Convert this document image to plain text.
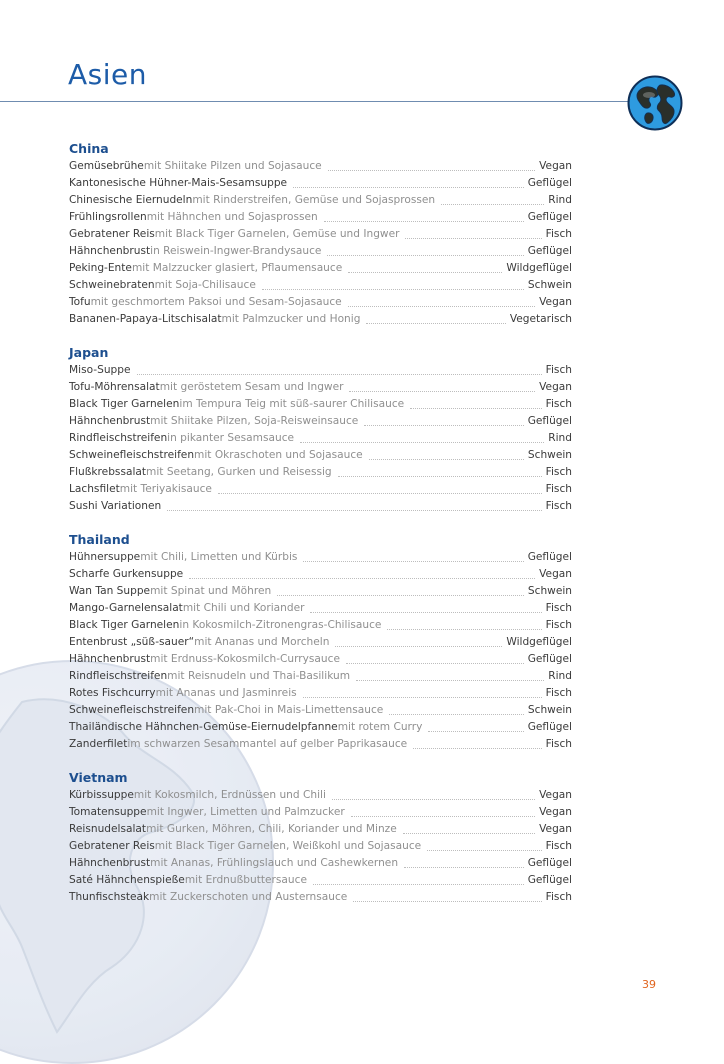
Asien
China
Gemüsebrühe mit Shiitake Pilzen und Sojasauce	Vegan
Kantonesische Hühner-Mais-Sesamsuppe	Geflügel
Chinesische Eiernudeln mit Rinderstreifen, Gemüse und Sojasprossen	Rind
Frühlingsrollen mit Hähnchen und Sojasprossen	Geflügel
Gebratener Reis mit Black Tiger Garnelen, Gemüse und Ingwer	Fisch
Hähnchenbrust in Reiswein-Ingwer-Brandysauce	Geflügel
Peking-Ente mit Malzzucker glasiert, Pflaumensauce	Wildgeflügel
Schweinebraten mit Soja-Chilisauce	Schwein
Tofu mit geschmortem Paksoi und Sesam-Sojasauce	Vegan
Bananen-Papaya-Litschisalat mit Palmzucker und Honig	Vegetarisch
Japan
Miso-Suppe	Fisch
Tofu-Möhrensalat mit geröstetem Sesam und Ingwer	Vegan
Black Tiger Garnelen im Tempura Teig mit süß-saurer Chilisauce	Fisch
Hähnchenbrust mit Shiitake Pilzen, Soja-Reisweinsauce	Geflügel
Rindfleischstreifen in pikanter Sesamsauce	Rind
Schweinefleischstreifen mit Okraschoten und Sojasauce	Schwein
Flußkrebssalat mit Seetang, Gurken und Reisessig	Fisch
Lachsfilet mit Teriyakisauce	Fisch
Sushi Variationen	Fisch
Thailand
Hühnersuppe mit Chili, Limetten und Kürbis	Geflügel
Scharfe Gurkensuppe	Vegan
Wan Tan Suppe mit Spinat und Möhren	Schwein
Mango-Garnelensalat mit Chili und Koriander	Fisch
Black Tiger Garnelen in Kokosmilch-Zitronengras-Chilisauce	Fisch
Entenbrust „süß-sauer“ mit Ananas und Morcheln	Wildgeflügel
Hähnchenbrust mit Erdnuss-Kokosmilch-Currysauce	Geflügel
Rindfleischstreifen mit Reisnudeln und Thai-Basilikum	Rind
Rotes Fischcurry mit Ananas und Jasminreis	Fisch
Schweinefleischstreifen mit Pak-Choi in Mais-Limettensauce	Schwein
Thailändische Hähnchen-Gemüse-Eiernudelpfanne mit rotem Curry	Geflügel
Zanderfilet im schwarzen Sesammantel auf gelber Paprikasauce	Fisch
Vietnam
Kürbissuppe mit Kokosmilch, Erdnüssen und Chili	Vegan
Tomatensuppe mit Ingwer, Limetten und Palmzucker	Vegan
Reisnudelsalat mit Gurken, Möhren, Chili, Koriander und Minze	Vegan
Gebratener Reis mit Black Tiger Garnelen, Weißkohl und Sojasauce	Fisch
Hähnchenbrust mit Ananas, Frühlingslauch und Cashewkernen	Geflügel
Saté Hähnchenspieße mit Erdnußbuttersauce	Geflügel
Thunfischsteak mit Zuckerschoten und Austernsauce	Fisch
39
